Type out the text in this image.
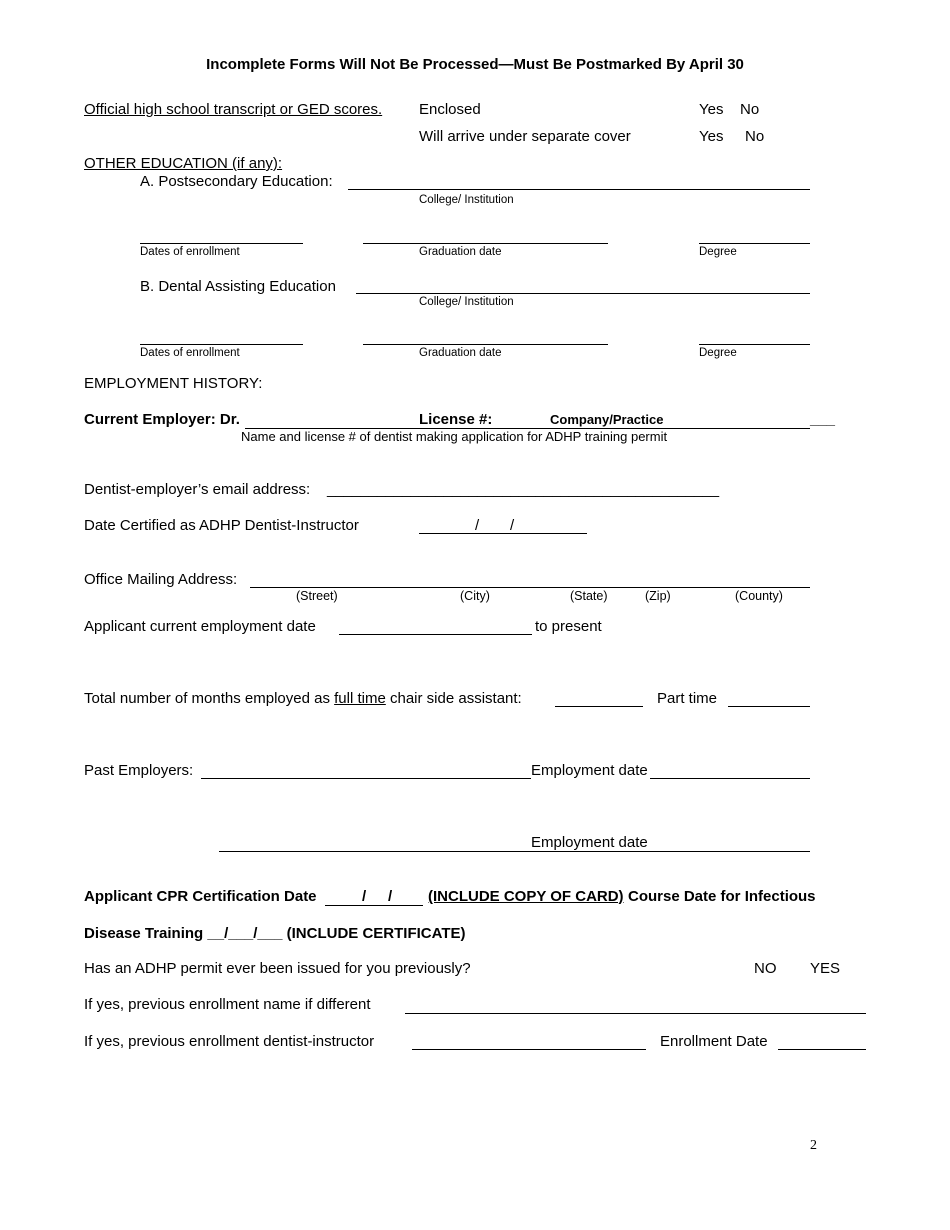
Incomplete Forms Will Not Be Processed—Must Be Postmarked By April 30
Official high school transcript or GED scores. Enclosed	Yes No
Will arrive under separate cover	Yes No
OTHER EDUCATION (if any):
A. Postsecondary Education:
College/ Institution
Dates of enrollment	Graduation date	Degree
B. Dental Assisting Education
College/ Institution
Dates of enrollment	Graduation date	Degree
EMPLOYMENT HISTORY:
Current Employer: Dr.	License #:	Company/Practice	___
Name and license # of dentist making application for ADHP training permit
Dentist-employer’s email address: _______________________________________________
Date Certified as ADHP Dentist-Instructor	/ /
Office Mailing Address:
(Street)	(City)	(State)	(Zip)	(County)
Applicant current employment date	to present
Total number of months employed as full time chair side assistant:	Part time
Past Employers:	Employment date
Employment date
Applicant CPR Certification Date	/ / (INCLUDE COPY OF CARD) Course Date for Infectious
Disease Training __/___/___ (INCLUDE CERTIFICATE)
Has an ADHP permit ever been issued for you previously?	NO YES
If yes, previous enrollment name if different
If yes, previous enrollment dentist-instructor	Enrollment Date
2
